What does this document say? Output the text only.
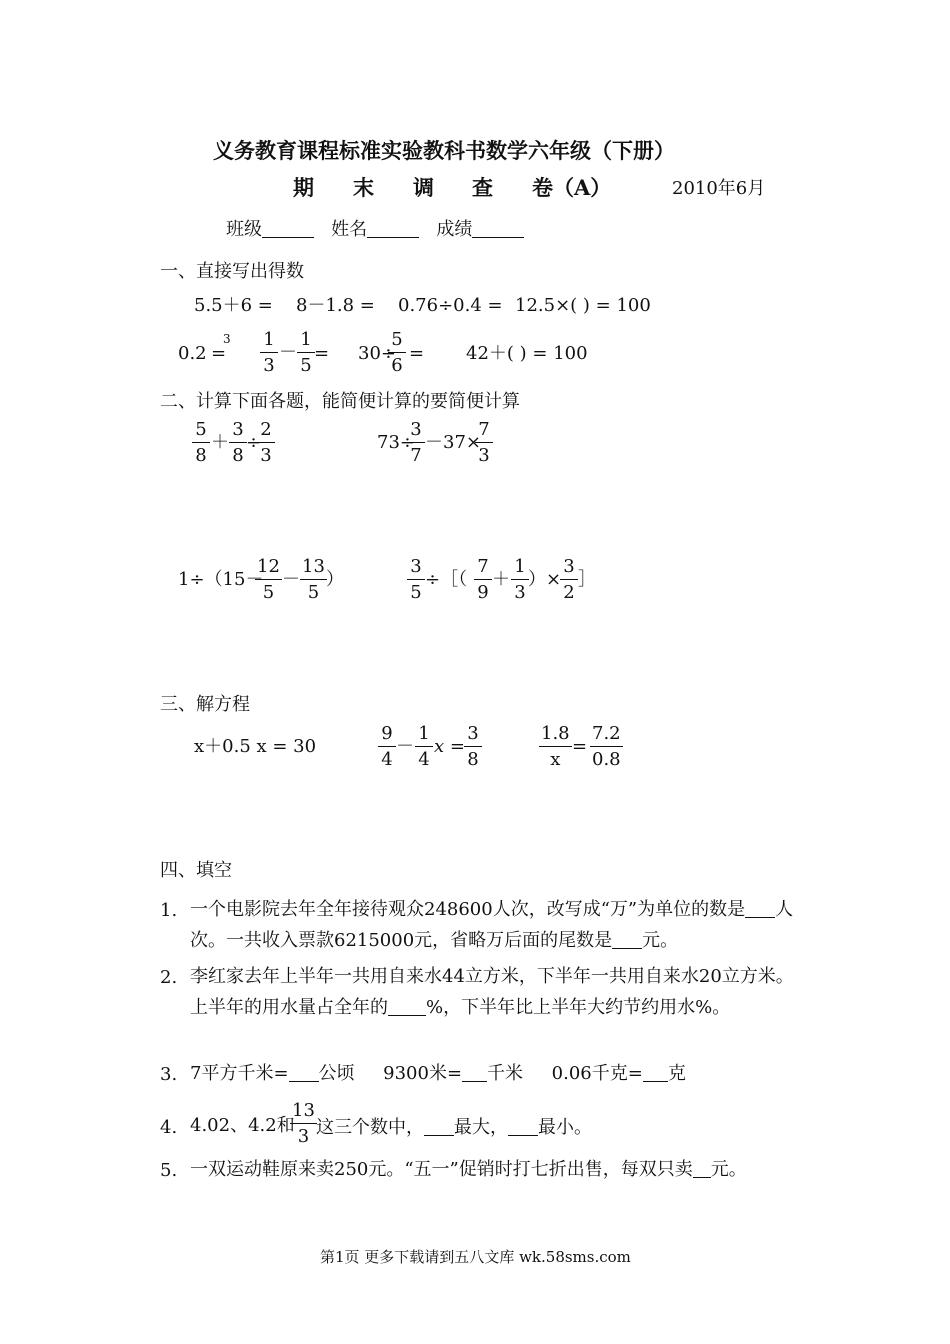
义务教育课程标准实验教科书数学六年级（下册）
期 末 调 查 卷（A）	2010年6月
班级	姓名	成绩
一、直接写出得数
5.5＋6 = 8－1.8 = 0.76÷0.4 = 12.5×( ) = 100
0.2
3
= $\frac{1}{3} - \frac{1}{5} = 30\div$
$\frac{5}{6} = 42+$( ) = 100
二、计算下面各题，能简便计算的要简便计算
$\frac{5}{8} + \frac{3}{8}$ ÷
$\frac{2}{3}$	73÷
$\frac{3}{7} -37\times$
$\frac{7}{3}$
1÷（15－
$\frac{12}{5} - \frac{13}{5}$ ）	$\frac{3}{5}$ ÷［（ $\frac{7}{9} + \frac{1}{3}$ ）×
$\frac{3}{2}$ ］
三、解方程
x＋0.5 x = 30	$\frac{9}{4} - \frac{1}{4}$ $x = \frac{3}{8}$	$\frac{1.8}{x} = \frac{7.2}{0.8}$
四、填空
1. 一个电影院去年全年接待观众248600人次，改写成“万”为单位的数是 人次。一共收入票款6215000元，省略万后面的尾数是 元。
2. 李红家去年上半年一共用自来水44立方米，下半年一共用自来水20立方米。上半年的用水量占全年的 %，下半年比上半年大约节约用水%。
3. 7平方千米= 公顷 9300米= 千米 0.06千克= 克
4. 4.02、4.2和
$\frac{13}{3}$ 这三个数中， 最大， 最小。
5. 一双运动鞋原来卖250元。“五一”促销时打七折出售，每双只卖 元。
第1页 更多下载请到五八文库 wk.58sms.com
